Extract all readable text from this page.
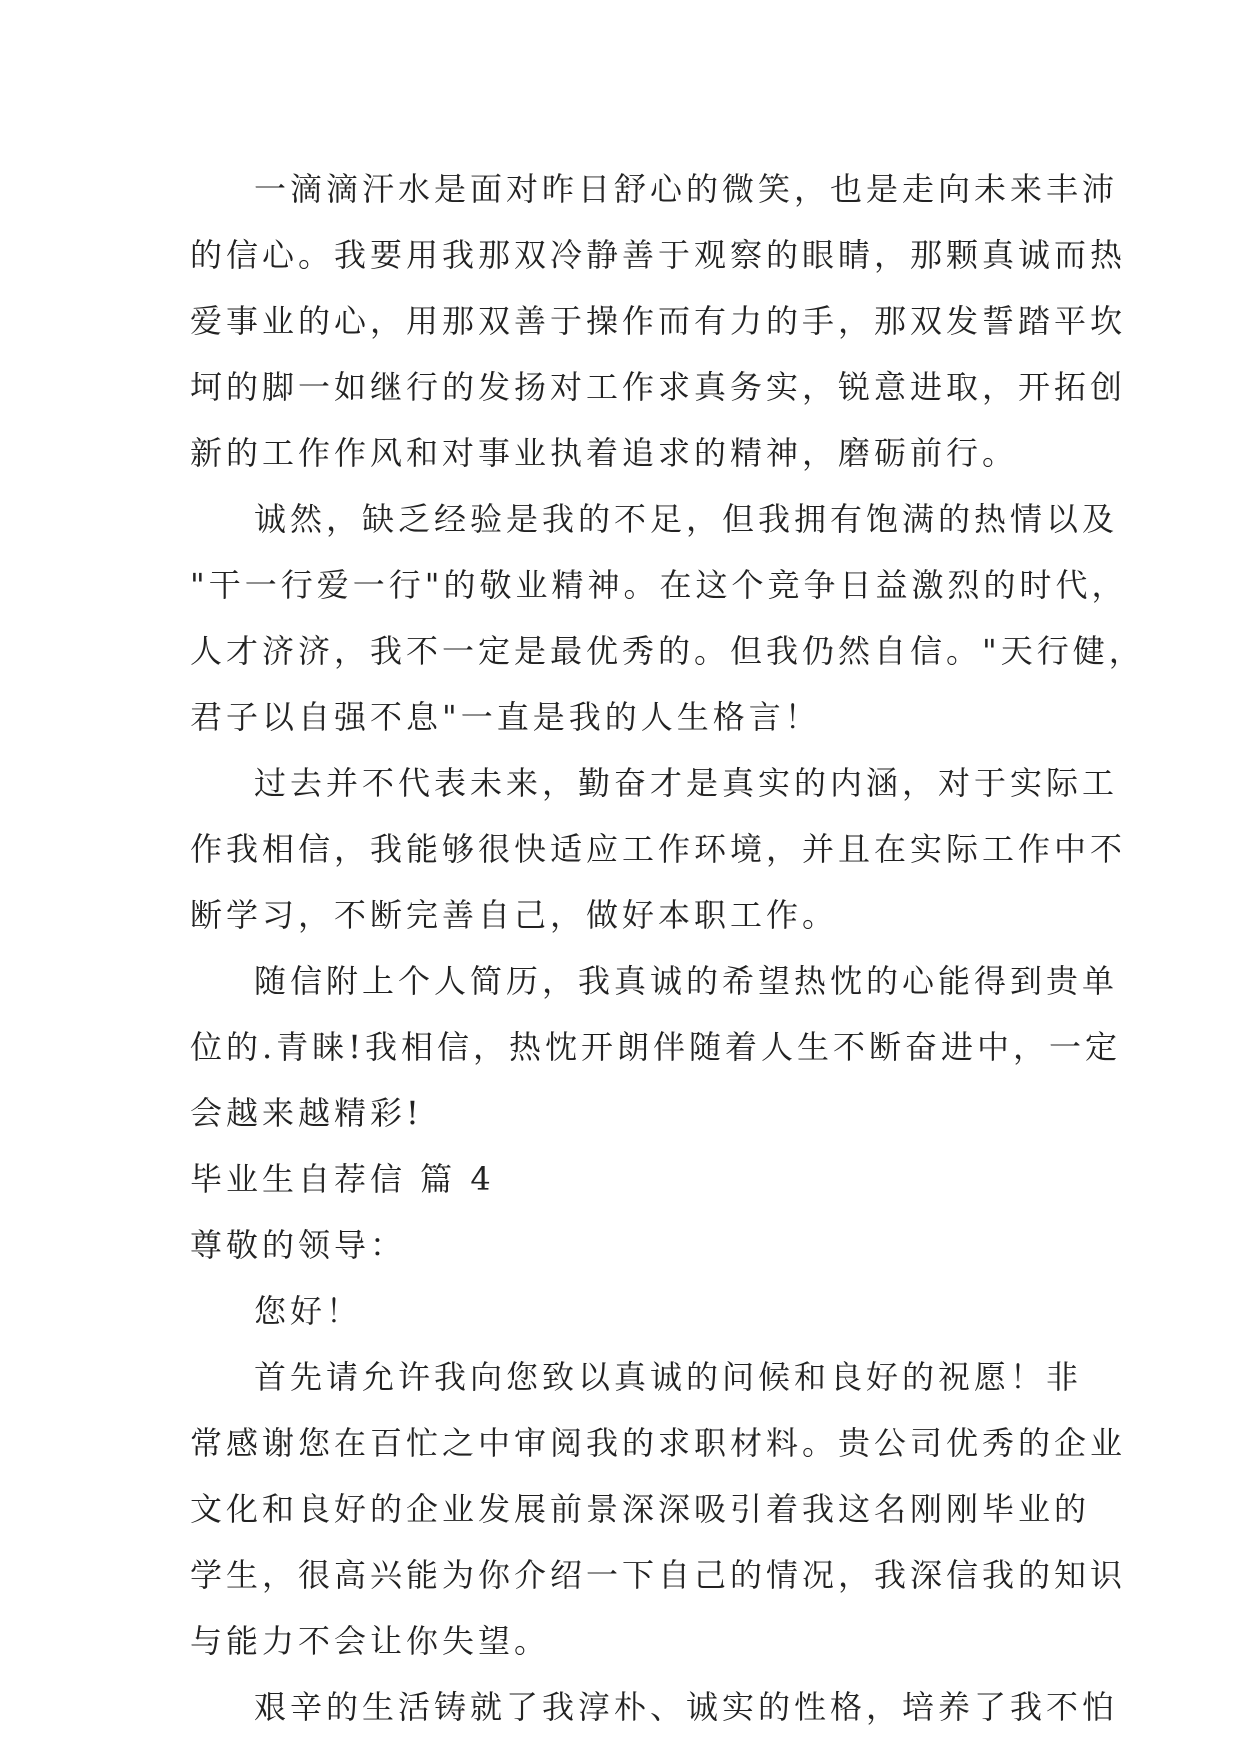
一滴滴汗水是面对昨日舒心的微笑，也是走向未来丰沛
的信心。我要用我那双冷静善于观察的眼睛，那颗真诚而热
爱事业的心，用那双善于操作而有力的手，那双发誓踏平坎
坷的脚一如继行的发扬对工作求真务实，锐意进取，开拓创
新的工作作风和对事业执着追求的精神，磨砺前行。
诚然，缺乏经验是我的不足，但我拥有饱满的热情以及
"干一行爱一行"的敬业精神。在这个竞争日益激烈的时代，
人才济济，我不一定是最优秀的。但我仍然自信。"天行健，
君子以自强不息"一直是我的人生格言！
过去并不代表未来，勤奋才是真实的内涵，对于实际工
作我相信，我能够很快适应工作环境，并且在实际工作中不
断学习，不断完善自己，做好本职工作。
随信附上个人简历，我真诚的希望热忱的心能得到贵单
位的.青睐!我相信，热忱开朗伴随着人生不断奋进中，一定
会越来越精彩!
毕业生自荐信 篇 4
尊敬的领导：
您好！
首先请允许我向您致以真诚的问候和良好的祝愿！非
常感谢您在百忙之中审阅我的求职材料。贵公司优秀的企业
文化和良好的企业发展前景深深吸引着我这名刚刚毕业的
学生，很高兴能为你介绍一下自己的情况，我深信我的知识
与能力不会让你失望。
艰辛的生活铸就了我淳朴、诚实的性格，培养了我不怕
